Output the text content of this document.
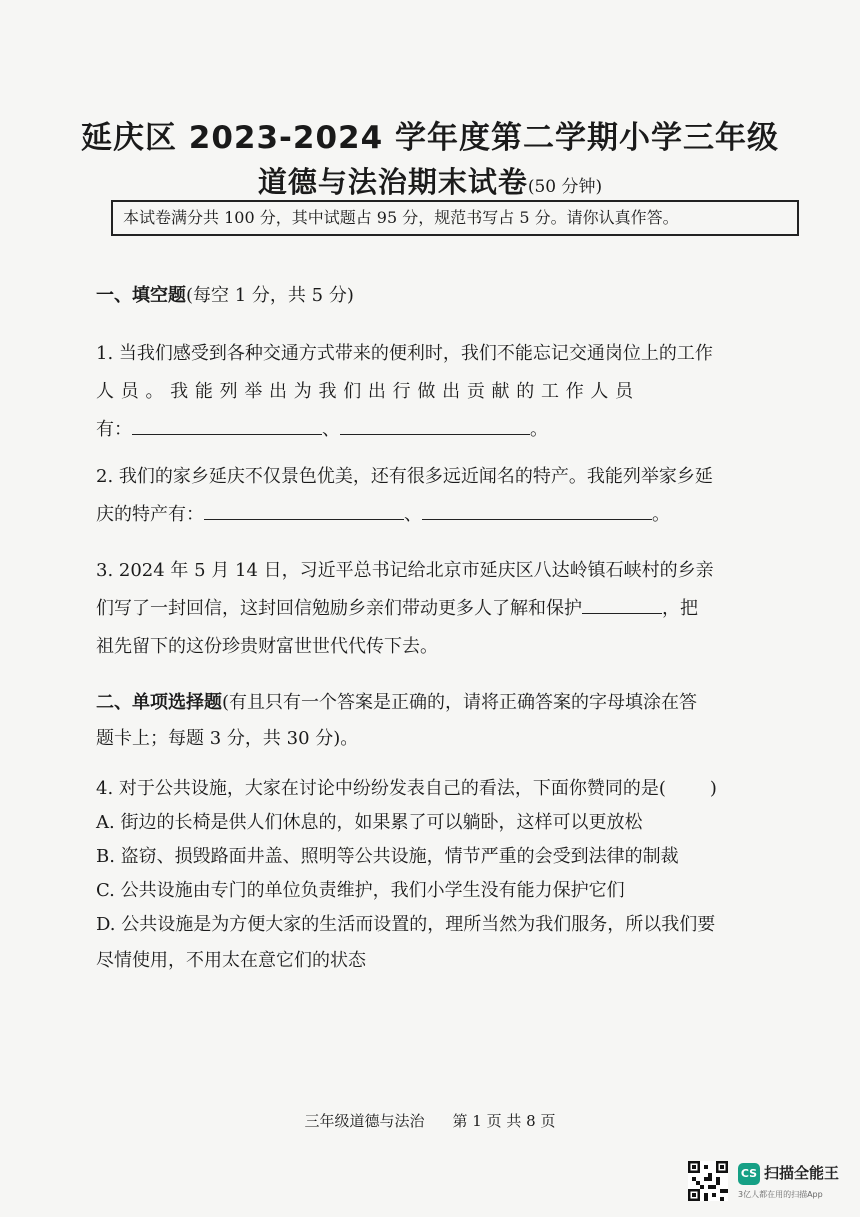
延庆区 2023-2024 学年度第二学期小学三年级
道德与法治期末试卷(50 分钟)
本试卷满分共 100 分，其中试题占 95 分，规范书写占 5 分。请你认真作答。
一、填空题(每空 1 分，共 5 分)
1. 当我们感受到各种交通方式带来的便利时，我们不能忘记交通岗位上的工作
人 员 。 我 能 列 举 出 为 我 们 出 行 做 出 贡 献 的 工 作 人 员
有：	、	。
2. 我们的家乡延庆不仅景色优美，还有很多远近闻名的特产。我能列举家乡延
庆的特产有：	、	。
3. 2024 年 5 月 14 日，习近平总书记给北京市延庆区八达岭镇石峡村的乡亲
们写了一封回信，这封回信勉励乡亲们带动更多人了解和保护	，把
祖先留下的这份珍贵财富世世代代传下去。
二、单项选择题(有且只有一个答案是正确的，请将正确答案的字母填涂在答
题卡上；每题 3 分，共 30 分)。
4. 对于公共设施，大家在讨论中纷纷发表自己的看法，下面你赞同的是( )
A. 街边的长椅是供人们休息的，如果累了可以躺卧，这样可以更放松
B. 盗窃、损毁路面井盖、照明等公共设施，情节严重的会受到法律的制裁
C. 公共设施由专门的单位负责维护，我们小学生没有能力保护它们
D. 公共设施是为方便大家的生活而设置的，理所当然为我们服务，所以我们要
尽情使用，不用太在意它们的状态
三年级道德与法治 第 1 页 共 8 页
CS 扫描全能王
3亿人都在用的扫描App
